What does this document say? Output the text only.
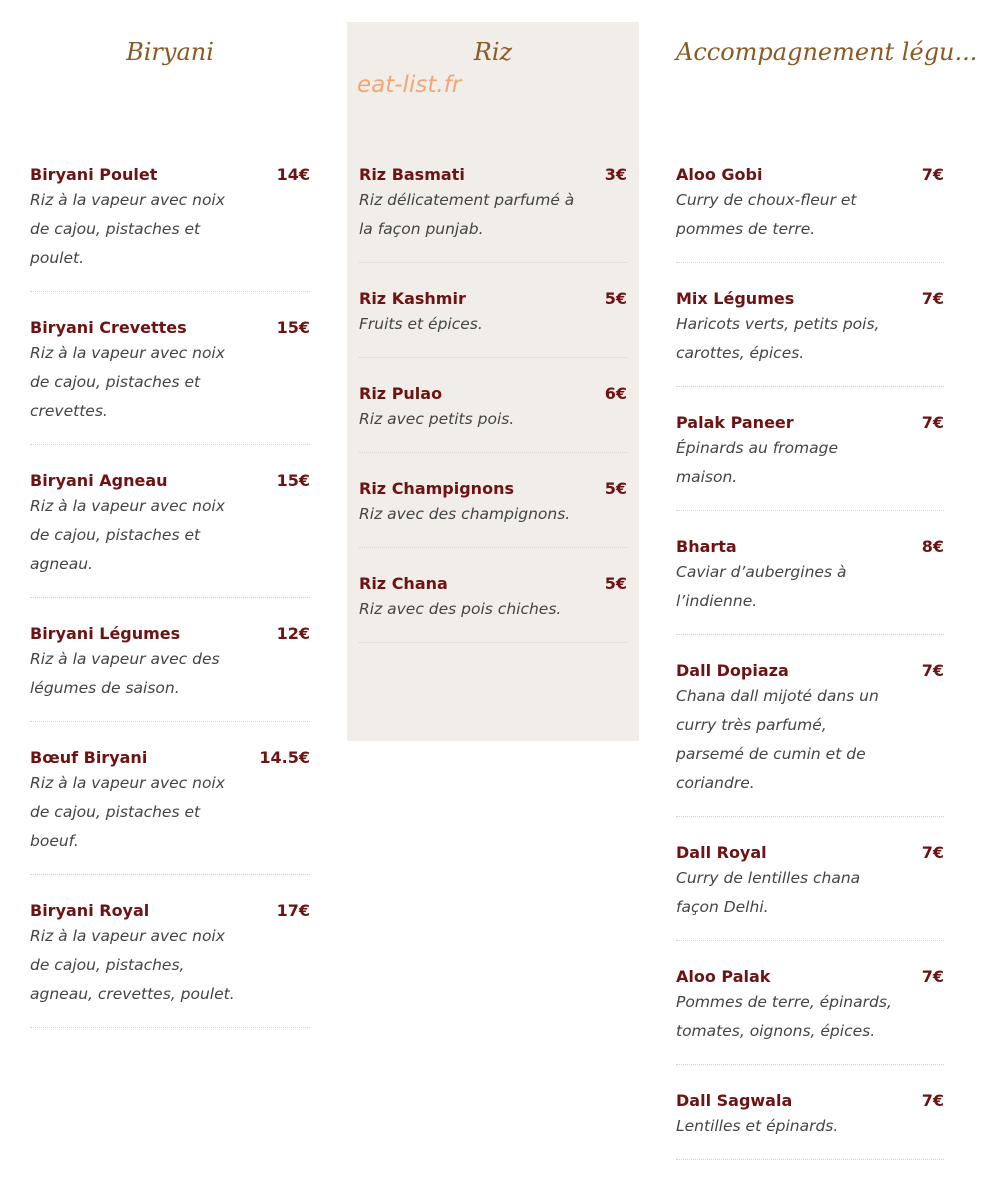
Biryani
Biryani Poulet	14€
Riz à la vapeur avec noix de cajou, pistaches et poulet.
Biryani Crevettes	15€
Riz à la vapeur avec noix de cajou, pistaches et crevettes.
Biryani Agneau	15€
Riz à la vapeur avec noix de cajou, pistaches et agneau.
Biryani Légumes	12€
Riz à la vapeur avec des légumes de saison.
Bœuf Biryani	14.5€
Riz à la vapeur avec noix de cajou, pistaches et boeuf.
Biryani Royal	17€
Riz à la vapeur avec noix de cajou, pistaches, agneau, crevettes, poulet.
Riz
eat-list.fr
Riz Basmati	3€
Riz délicatement parfumé à la façon punjab.
Riz Kashmir	5€
Fruits et épices.
Riz Pulao	6€
Riz avec petits pois.
Riz Champignons	5€
Riz avec des champignons.
Riz Chana	5€
Riz avec des pois chiches.
Accompagnement légu...
Aloo Gobi	7€
Curry de choux-fleur et pommes de terre.
Mix Légumes	7€
Haricots verts, petits pois, carottes, épices.
Palak Paneer	7€
Épinards au fromage maison.
Bharta	8€
Caviar d’aubergines à l’indienne.
Dall Dopiaza	7€
Chana dall mijoté dans un curry très parfumé, parsemé de cumin et de coriandre.
Dall Royal	7€
Curry de lentilles chana façon Delhi.
Aloo Palak	7€
Pommes de terre, épinards, tomates, oignons, épices.
Dall Sagwala	7€
Lentilles et épinards.
